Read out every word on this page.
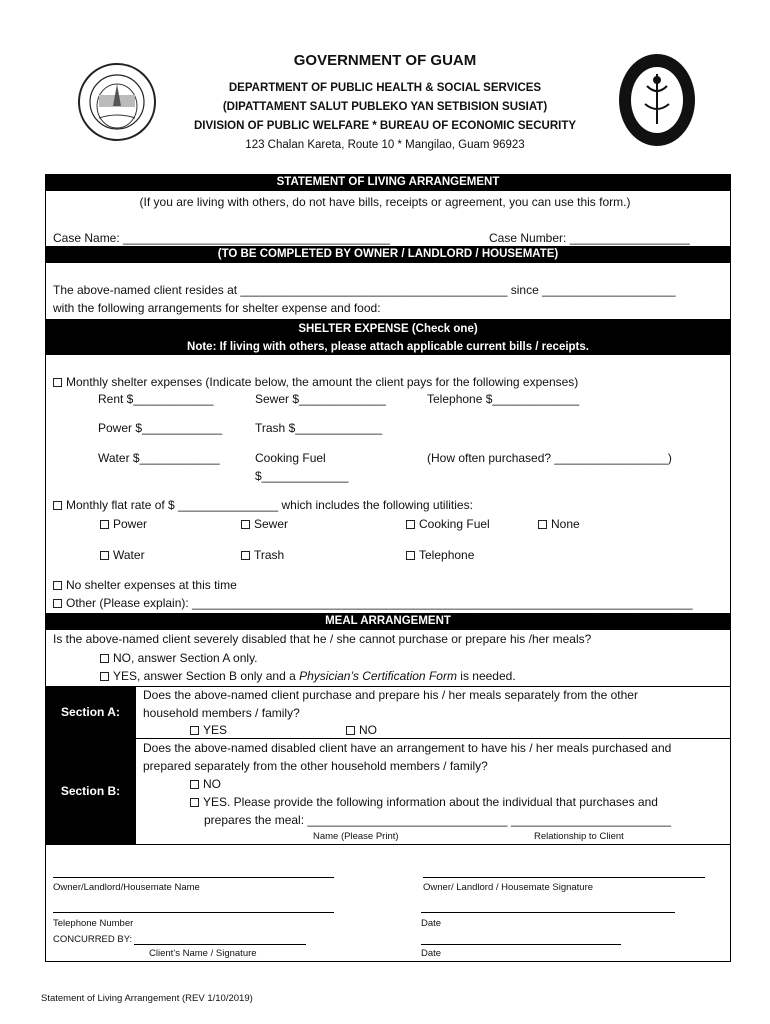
GOVERNMENT OF GUAM
DEPARTMENT OF PUBLIC HEALTH & SOCIAL SERVICES
(DIPATTAMENT SALUT PUBLEKO YAN SETBISION SUSIAT)
DIVISION OF PUBLIC WELFARE * BUREAU OF ECONOMIC SECURITY
123 Chalan Kareta, Route 10 * Mangilao, Guam 96923
STATEMENT OF LIVING ARRANGEMENT
(If you are living with others, do not have bills, receipts or agreement, you can use this form.)
Case Name: ________________________________________	Case Number: __________________
(TO BE COMPLETED BY OWNER / LANDLORD / HOUSEMATE)
The above-named client resides at ________________________________________ since ____________________
with the following arrangements for shelter expense and food:
SHELTER EXPENSE (Check one)
Note: If living with others, please attach applicable current bills / receipts.
Monthly shelter expenses (Indicate below, the amount the client pays for the following expenses)
Rent $____________	Sewer $_____________	Telephone $_____________
Power $____________	Trash $_____________
Water $____________	Cooking Fuel
$_____________
(How often purchased? _________________)
Monthly flat rate of $ _______________ which includes the following utilities:
Power	Sewer	Cooking Fuel	None
Water	Trash	Telephone
No shelter expenses at this time
Other (Please explain): ___________________________________________________________________________
MEAL ARRANGEMENT
Is the above-named client severely disabled that he / she cannot purchase or prepare his /her meals?
NO, answer Section A only.
YES, answer Section B only and a Physician’s Certification Form is needed.
Section A:
Does the above-named client purchase and prepare his / her meals separately from the other
household members / family?
YES	NO
Section B:
Does the above-named disabled client have an arrangement to have his / her meals purchased and
prepared separately from the other household members / family?
NO
YES. Please provide the following information about the individual that purchases and
prepares the meal: ______________________________ ________________________
Name (Please Print)	Relationship to Client
Owner/Landlord/Housemate Name	Owner/ Landlord / Housemate Signature
Telephone Number	Date
CONCURRED BY:
Client’s Name / Signature	Date
Statement of Living Arrangement (REV 1/10/2019)
